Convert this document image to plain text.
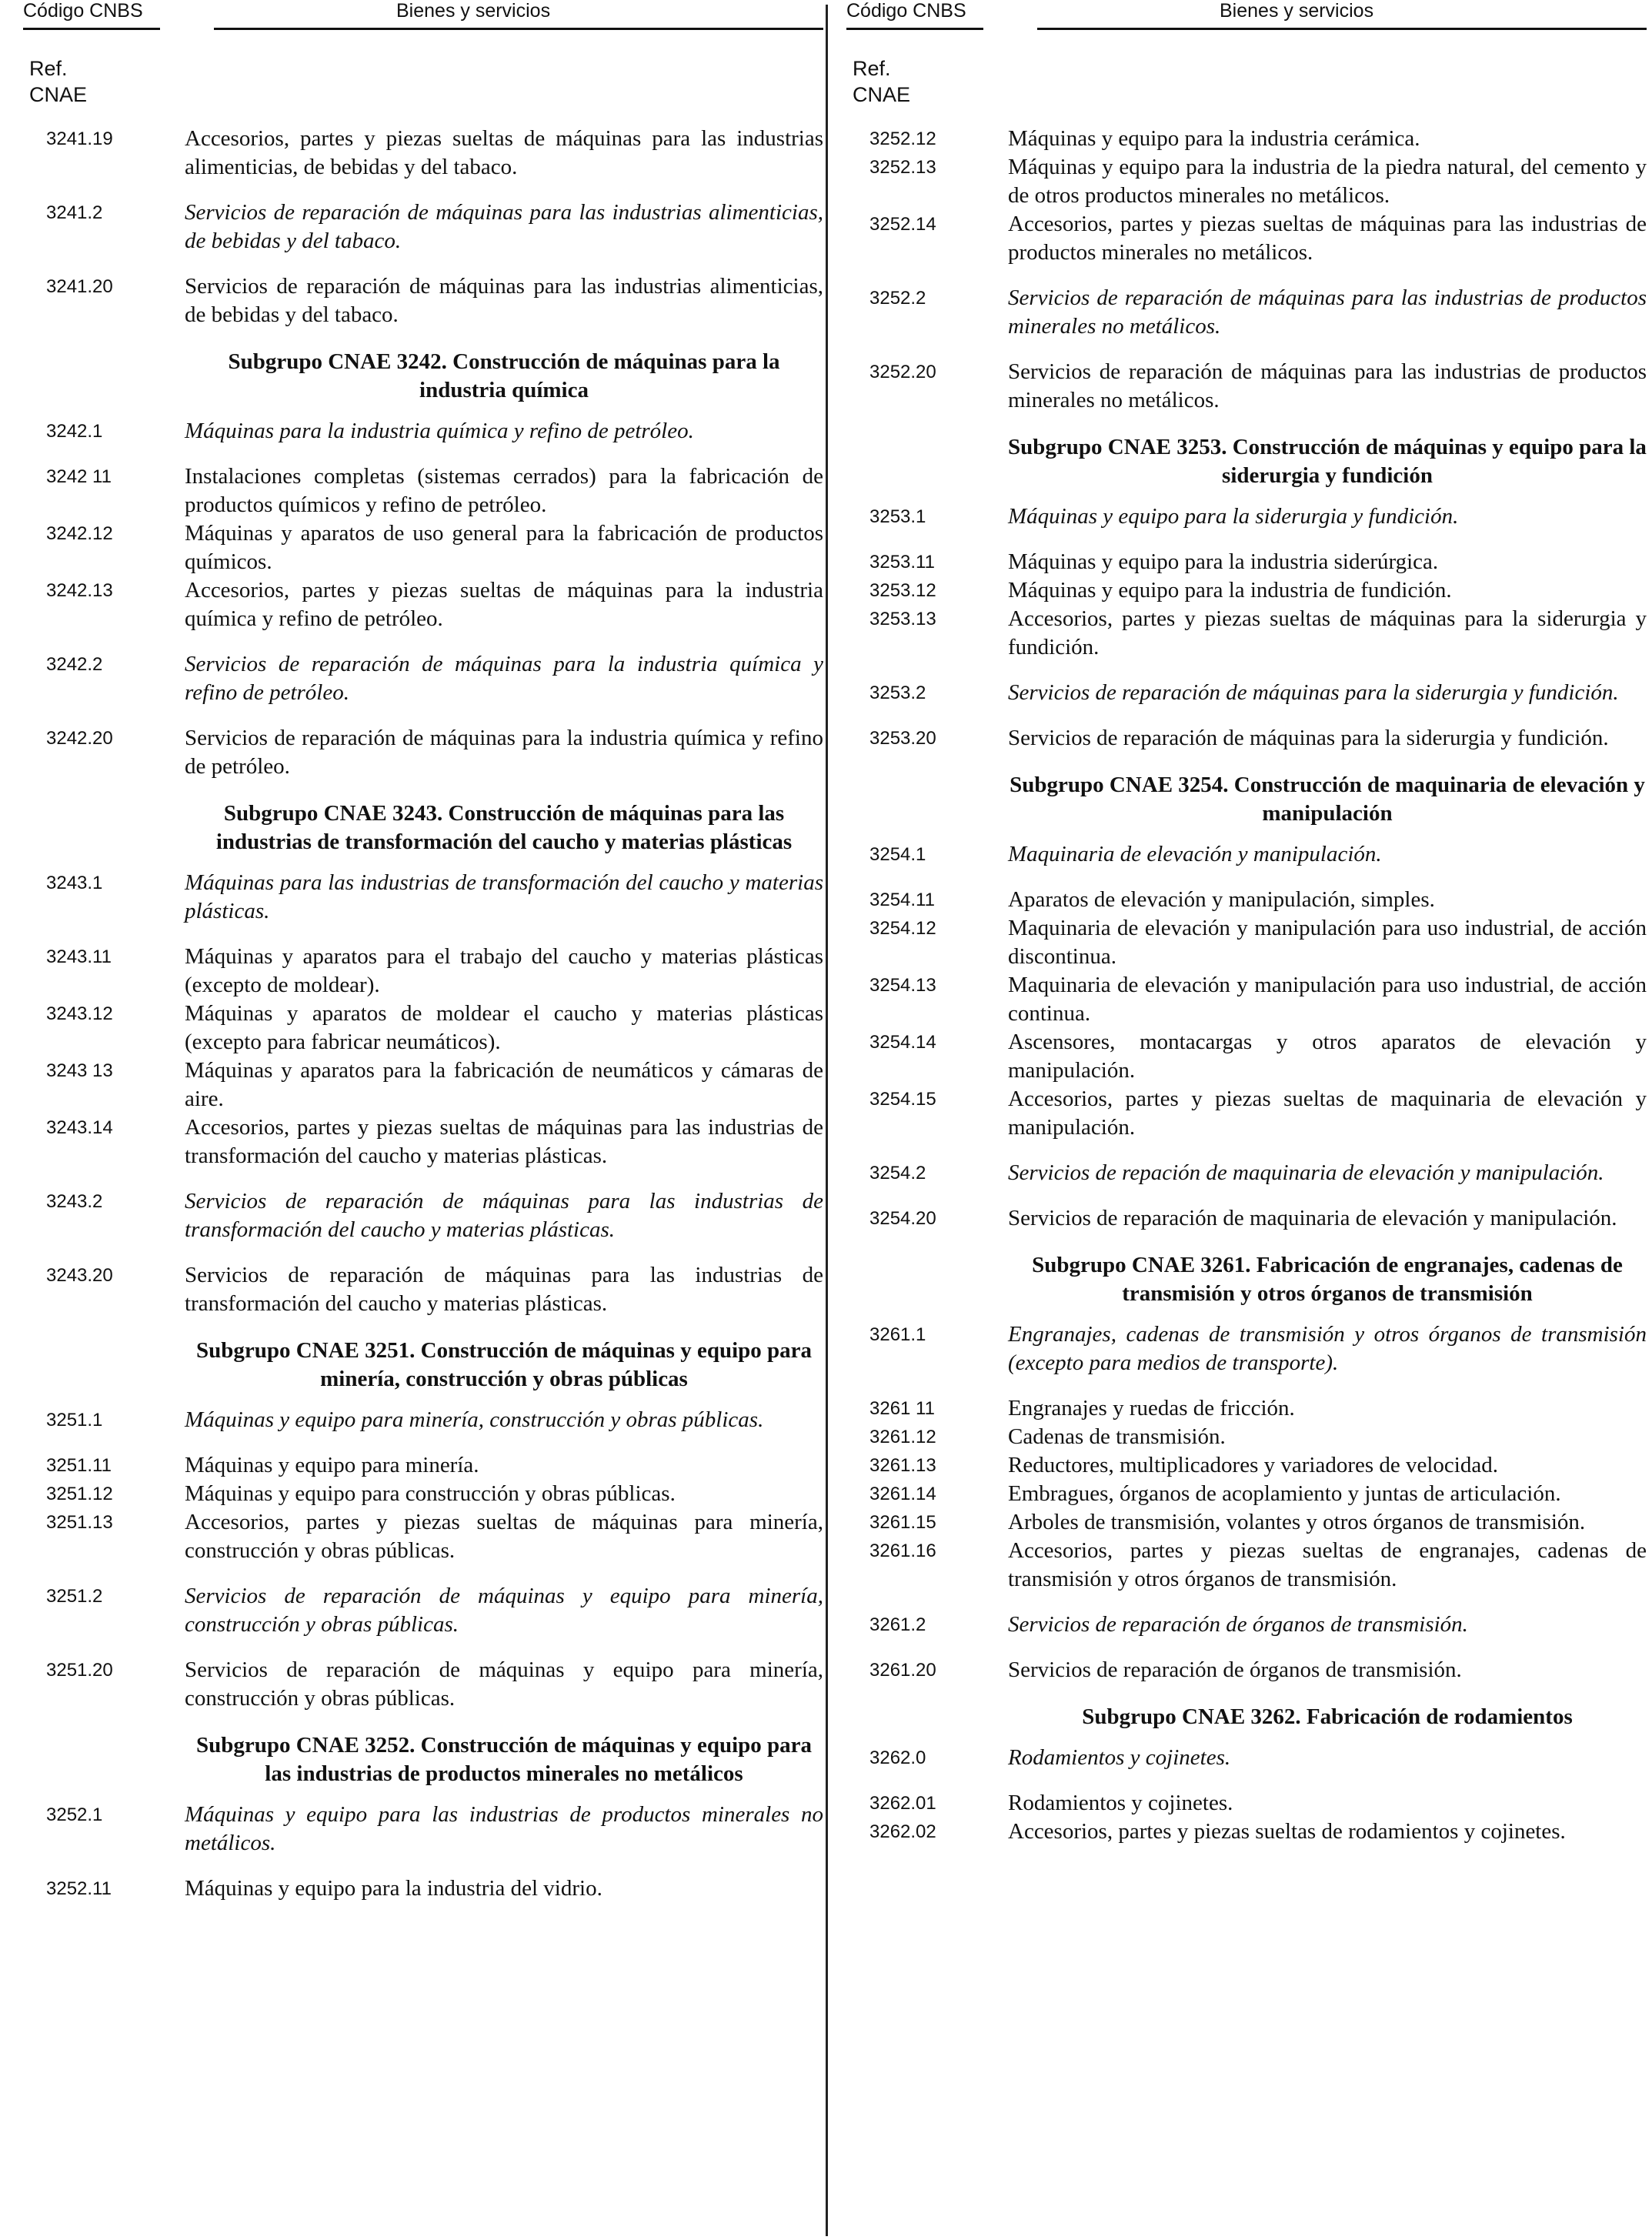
Código CNBS	Bienes y servicios
Ref.
CNAE
3241.19	Accesorios, partes y piezas sueltas de máquinas para las industrias alimenticias, de bebidas y del tabaco.
3241.2	Servicios de reparación de máquinas para las industrias alimenticias, de bebidas y del tabaco.
3241.20	Servicios de reparación de máquinas para las industrias alimenticias, de bebidas y del tabaco.
Subgrupo CNAE 3242. Construcción de máquinas para la industria química
3242.1	Máquinas para la industria química y refino de petróleo.
3242 11	Instalaciones completas (sistemas cerrados) para la fabricación de productos químicos y refino de petróleo.
3242.12	Máquinas y aparatos de uso general para la fabricación de productos químicos.
3242.13	Accesorios, partes y piezas sueltas de máquinas para la industria química y refino de petróleo.
3242.2	Servicios de reparación de máquinas para la industria química y refino de petróleo.
3242.20	Servicios de reparación de máquinas para la industria química y refino de petróleo.
Subgrupo CNAE 3243. Construcción de máquinas para las industrias de transformación del caucho y materias plásticas
3243.1	Máquinas para las industrias de transformación del caucho y materias plásticas.
3243.11	Máquinas y aparatos para el trabajo del caucho y materias plásticas (excepto de moldear).
3243.12	Máquinas y aparatos de moldear el caucho y materias plásticas (excepto para fabricar neumáticos).
3243 13	Máquinas y aparatos para la fabricación de neumáticos y cámaras de aire.
3243.14	Accesorios, partes y piezas sueltas de máquinas para las industrias de transformación del caucho y materias plásticas.
3243.2	Servicios de reparación de máquinas para las industrias de transformación del caucho y materias plásticas.
3243.20	Servicios de reparación de máquinas para las industrias de transformación del caucho y materias plásticas.
Subgrupo CNAE 3251. Construcción de máquinas y equipo para minería, construcción y obras públicas
3251.1	Máquinas y equipo para minería, construcción y obras públicas.
3251.11	Máquinas y equipo para minería.
3251.12	Máquinas y equipo para construcción y obras públicas.
3251.13	Accesorios, partes y piezas sueltas de máquinas para minería, construcción y obras públicas.
3251.2	Servicios de reparación de máquinas y equipo para minería, construcción y obras públicas.
3251.20	Servicios de reparación de máquinas y equipo para minería, construcción y obras públicas.
Subgrupo CNAE 3252. Construcción de máquinas y equipo para las industrias de productos minerales no metálicos
3252.1	Máquinas y equipo para las industrias de productos minerales no metálicos.
3252.11	Máquinas y equipo para la industria del vidrio.
Código CNBS	Bienes y servicios
Ref.
CNAE
3252.12	Máquinas y equipo para la industria cerámica.
3252.13	Máquinas y equipo para la industria de la piedra natural, del cemento y de otros productos minerales no metálicos.
3252.14	Accesorios, partes y piezas sueltas de máquinas para las industrias de productos minerales no metálicos.
3252.2	Servicios de reparación de máquinas para las industrias de productos minerales no metálicos.
3252.20	Servicios de reparación de máquinas para las industrias de productos minerales no metálicos.
Subgrupo CNAE 3253. Construcción de máquinas y equipo para la siderurgia y fundición
3253.1	Máquinas y equipo para la siderurgia y fundición.
3253.11	Máquinas y equipo para la industria siderúrgica.
3253.12	Máquinas y equipo para la industria de fundición.
3253.13	Accesorios, partes y piezas sueltas de máquinas para la siderurgia y fundición.
3253.2	Servicios de reparación de máquinas para la siderurgia y fundición.
3253.20	Servicios de reparación de máquinas para la siderurgia y fundición.
Subgrupo CNAE 3254. Construcción de maquinaria de elevación y manipulación
3254.1	Maquinaria de elevación y manipulación.
3254.11	Aparatos de elevación y manipulación, simples.
3254.12	Maquinaria de elevación y manipulación para uso industrial, de acción discontinua.
3254.13	Maquinaria de elevación y manipulación para uso industrial, de acción continua.
3254.14	Ascensores, montacargas y otros aparatos de elevación y manipulación.
3254.15	Accesorios, partes y piezas sueltas de maquinaria de elevación y manipulación.
3254.2	Servicios de repación de maquinaria de elevación y manipulación.
3254.20	Servicios de reparación de maquinaria de elevación y manipulación.
Subgrupo CNAE 3261. Fabricación de engranajes, cadenas de transmisión y otros órganos de transmisión
3261.1	Engranajes, cadenas de transmisión y otros órganos de transmisión (excepto para medios de transporte).
3261 11	Engranajes y ruedas de fricción.
3261.12	Cadenas de transmisión.
3261.13	Reductores, multiplicadores y variadores de velocidad.
3261.14	Embragues, órganos de acoplamiento y juntas de articulación.
3261.15	Arboles de transmisión, volantes y otros órganos de transmisión.
3261.16	Accesorios, partes y piezas sueltas de engranajes, cadenas de transmisión y otros órganos de transmisión.
3261.2	Servicios de reparación de órganos de transmisión.
3261.20	Servicios de reparación de órganos de transmisión.
Subgrupo CNAE 3262. Fabricación de rodamientos
3262.0	Rodamientos y cojinetes.
3262.01	Rodamientos y cojinetes.
3262.02	Accesorios, partes y piezas sueltas de rodamientos y cojinetes.
